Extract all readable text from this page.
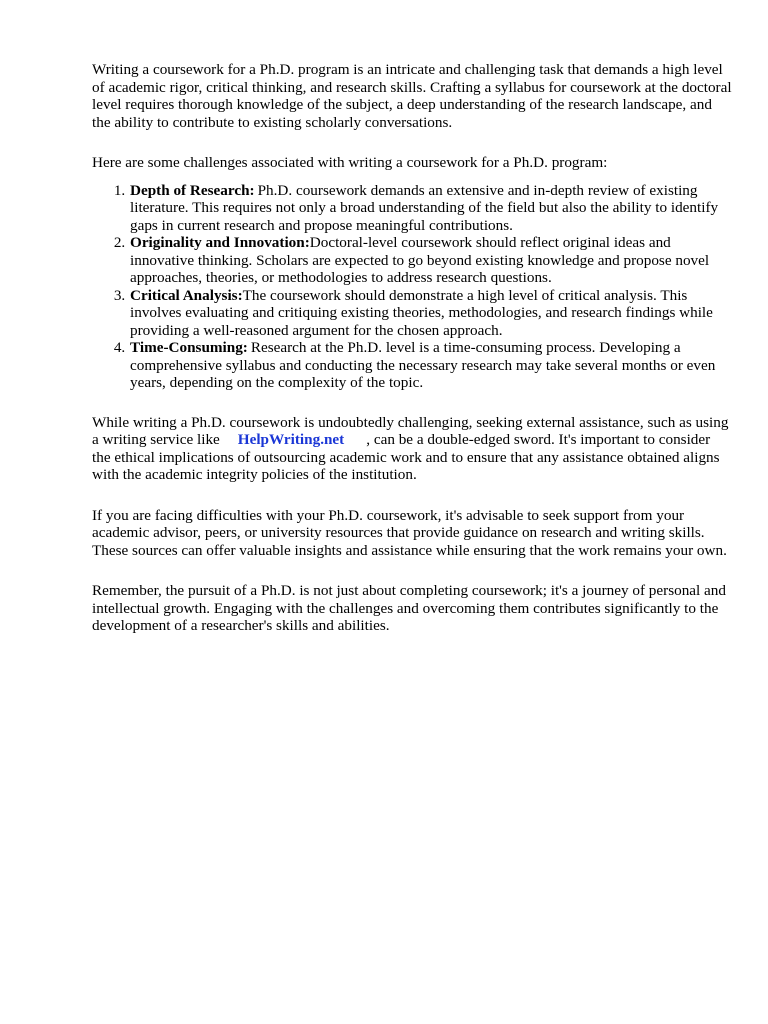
Writing a coursework for a Ph.D. program is an intricate and challenging task that demands a high level of academic rigor, critical thinking, and research skills. Crafting a syllabus for coursework at the doctoral level requires thorough knowledge of the subject, a deep understanding of the research landscape, and the ability to contribute to existing scholarly conversations.

Here are some challenges associated with writing a coursework for a Ph.D. program:

1. Depth of Research: Ph.D. coursework demands an extensive and in-depth review of existing literature. This requires not only a broad understanding of the field but also the ability to identify gaps in current research and propose meaningful contributions.
2. Originality and Innovation:Doctoral-level coursework should reflect original ideas and innovative thinking. Scholars are expected to go beyond existing knowledge and propose novel approaches, theories, or methodologies to address research questions.
3. Critical Analysis:The coursework should demonstrate a high level of critical analysis. This involves evaluating and critiquing existing theories, methodologies, and research findings while providing a well-reasoned argument for the chosen approach.
4. Time-Consuming: Research at the Ph.D. level is a time-consuming process. Developing a comprehensive syllabus and conducting the necessary research may take several months or even years, depending on the complexity of the topic.

While writing a Ph.D. coursework is undoubtedly challenging, seeking external assistance, such as using a writing service like HelpWriting.net , can be a double-edged sword. It's important to consider the ethical implications of outsourcing academic work and to ensure that any assistance obtained aligns with the academic integrity policies of the institution.

If you are facing difficulties with your Ph.D. coursework, it's advisable to seek support from your academic advisor, peers, or university resources that provide guidance on research and writing skills. These sources can offer valuable insights and assistance while ensuring that the work remains your own.

Remember, the pursuit of a Ph.D. is not just about completing coursework; it's a journey of personal and intellectual growth. Engaging with the challenges and overcoming them contributes significantly to the development of a researcher's skills and abilities.
